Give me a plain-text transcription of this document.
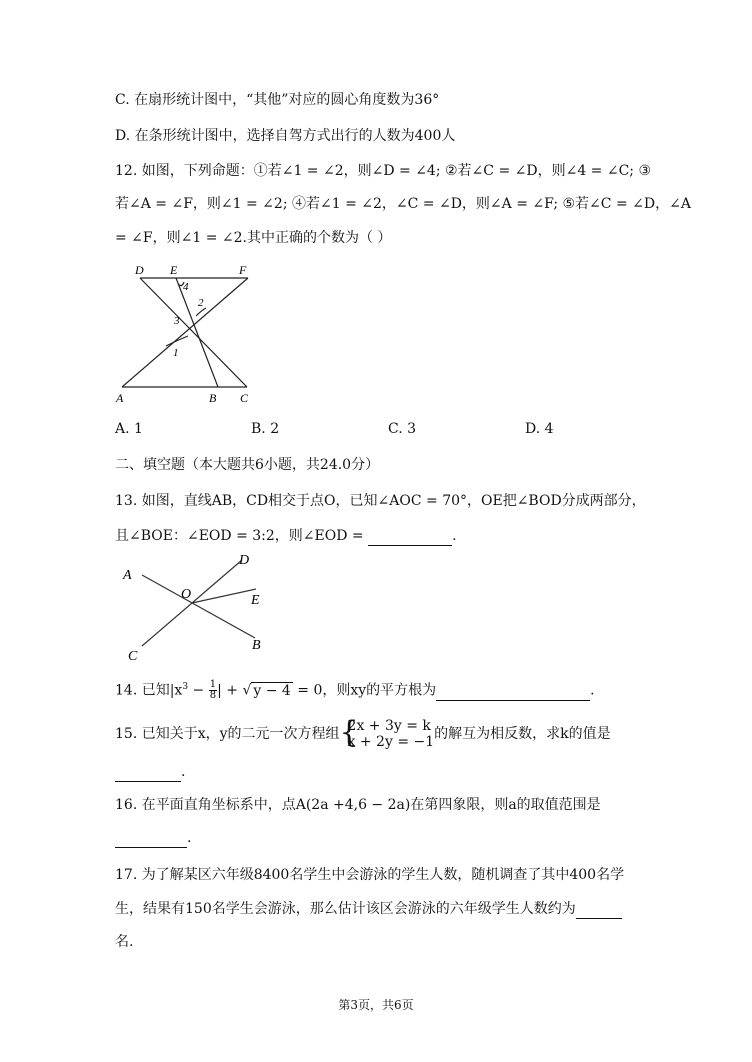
C. 在扇形统计图中，“其他”对应的圆心角度数为36°
D. 在条形统计图中，选择自驾方式出行的人数为400人
12. 如图，下列命题：①若∠1 = ∠2，则∠D = ∠4; ②若∠C = ∠D，则∠4 = ∠C; ③
若∠A = ∠F，则∠1 = ∠2; ④若∠1 = ∠2，∠C = ∠D，则∠A = ∠F; ⑤若∠C = ∠D，∠A
= ∠F，则∠1 = ∠2.其中正确的个数为（ ）
D E	F
4
2
3
1
A	B C
A. 1	B. 2	C. 3	D. 4
二、填空题（本大题共6小题，共24.0分）
13. 如图，直线AB，CD相交于点O，已知∠AOC = 70°，OE把∠BOD分成两部分，
且∠BOE：∠EOD = 3:2，则∠EOD =	.
A
D
O	E
C
B
14. 已知$|x^3 - \frac{1}{8}$ | + √ y − 4 = 0，则xy的平方根为	.
15. 已知关于x，y的二元一次方程组 {
2x + 3y = k
x + 2y = −1 的解互为相反数，求k的值是
.
16. 在平面直角坐标系中，点A(2a +4,6 − 2a)在第四象限，则a的取值范围是
.
17. 为了解某区六年级8400名学生中会游泳的学生人数，随机调查了其中400名学
生，结果有150名学生会游泳，那么估计该区会游泳的六年级学生人数约为
名.
第3页，共6页
